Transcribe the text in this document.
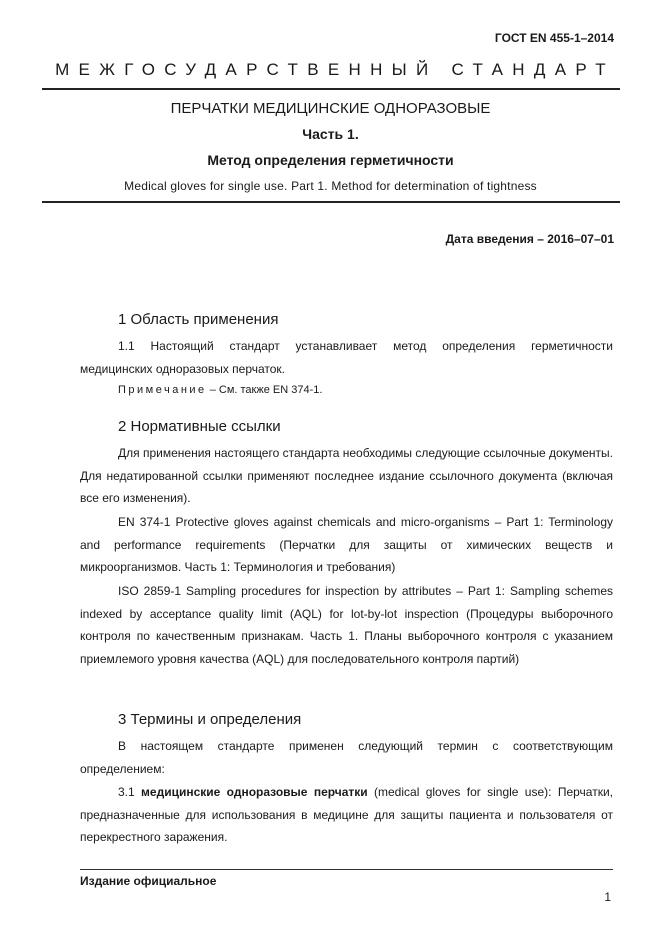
ГОСТ EN 455-1–2014
МЕЖГОСУДАРСТВЕННЫЙ СТАНДАРТ
ПЕРЧАТКИ МЕДИЦИНСКИЕ ОДНОРАЗОВЫЕ
Часть 1.
Метод определения герметичности
Medical gloves for single use. Part 1. Method for determination of tightness
Дата введения – 2016–07–01
1 Область применения
1.1 Настоящий стандарт устанавливает метод определения герметичности медицинских одноразовых перчаток.
Примечание – См. также EN 374-1.
2 Нормативные ссылки
Для применения настоящего стандарта необходимы следующие ссылочные документы. Для недатированной ссылки применяют последнее издание ссылочного документа (включая все его изменения).
EN 374-1 Protective gloves against chemicals and micro-organisms – Part 1: Terminology and performance requirements (Перчатки для защиты от химических веществ и микроорганизмов. Часть 1: Терминология и требования)
ISO 2859-1 Sampling procedures for inspection by attributes – Part 1: Sampling schemes indexed by acceptance quality limit (AQL) for lot-by-lot inspection (Процедуры выборочного контроля по качественным признакам. Часть 1. Планы выборочного контроля с указанием приемлемого уровня качества (AQL) для последовательного контроля партий)
3 Термины и определения
В настоящем стандарте применен следующий термин с соответствующим определением:
3.1 медицинские одноразовые перчатки (medical gloves for single use): Перчатки, предназначенные для использования в медицине для защиты пациента и пользователя от перекрестного заражения.
Издание официальное
1
